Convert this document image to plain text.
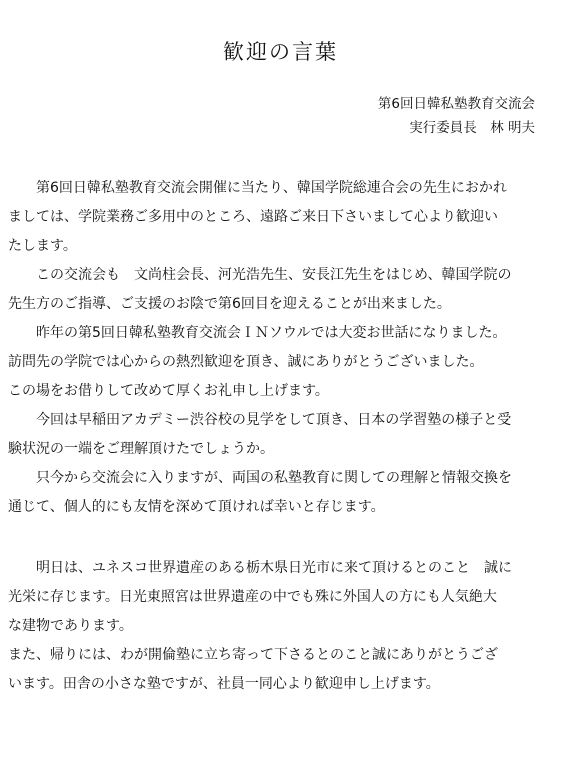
歓迎の言葉
第6回日韓私塾教育交流会
実行委員長　林 明夫
第6回日韓私塾教育交流会開催に当たり、韓国学院総連合会の先生におかれ
ましては、学院業務ご多用中のところ、遠路ご来日下さいまして心より歓迎い
たします。
この交流会も　文尚柱会長、河光浩先生、安長江先生をはじめ、韓国学院の
先生方のご指導、ご支援のお陰で第6回目を迎えることが出来ました。
昨年の第5回日韓私塾教育交流会ＩＮソウルでは大変お世話になりました。
訪問先の学院では心からの熱烈歓迎を頂き、誠にありがとうございました。
この場をお借りして改めて厚くお礼申し上げます。
今回は早稲田アカデミー渋谷校の見学をして頂き、日本の学習塾の様子と受
験状況の一端をご理解頂けたでしょうか。
只今から交流会に入りますが、両国の私塾教育に関しての理解と情報交換を
通じて、個人的にも友情を深めて頂ければ幸いと存じます。
明日は、ユネスコ世界遺産のある栃木県日光市に来て頂けるとのこと　誠に
光栄に存じます。日光東照宮は世界遺産の中でも殊に外国人の方にも人気絶大
な建物であります。
また、帰りには、わが開倫塾に立ち寄って下さるとのこと誠にありがとうござ
います。田舎の小さな塾ですが、社員一同心より歓迎申し上げます。
